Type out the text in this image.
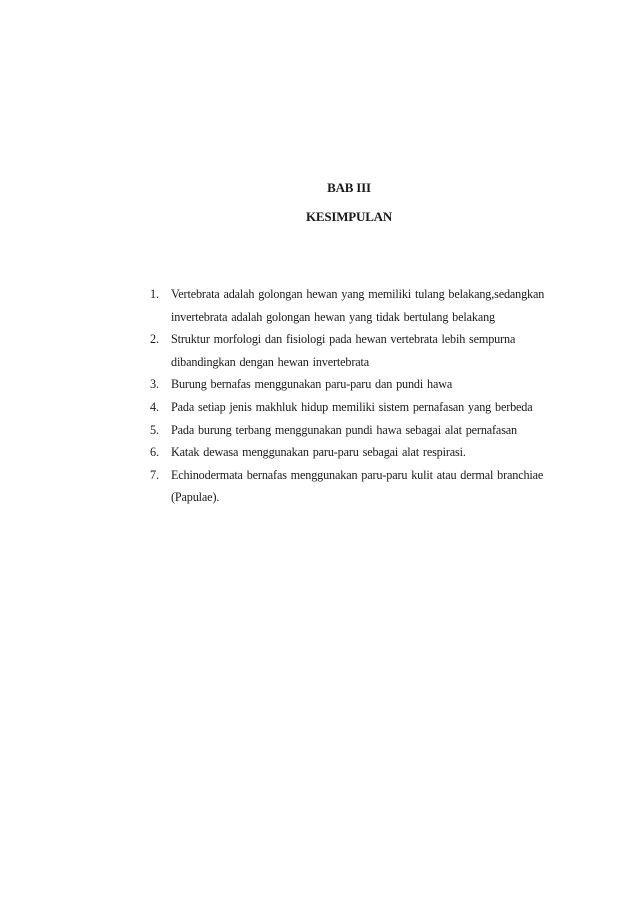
BAB III
KESIMPULAN
1. Vertebrata adalah golongan hewan yang memiliki tulang belakang,sedangkan invertebrata adalah golongan hewan yang tidak bertulang belakang
2. Struktur morfologi dan fisiologi pada hewan vertebrata lebih sempurna dibandingkan dengan hewan invertebrata
3. Burung bernafas menggunakan paru-paru dan pundi hawa
4. Pada setiap jenis makhluk hidup memiliki sistem pernafasan yang berbeda
5. Pada burung terbang menggunakan pundi hawa sebagai alat pernafasan
6. Katak dewasa menggunakan paru-paru sebagai alat respirasi.
7. Echinodermata bernafas menggunakan paru-paru kulit atau dermal branchiae (Papulae).
